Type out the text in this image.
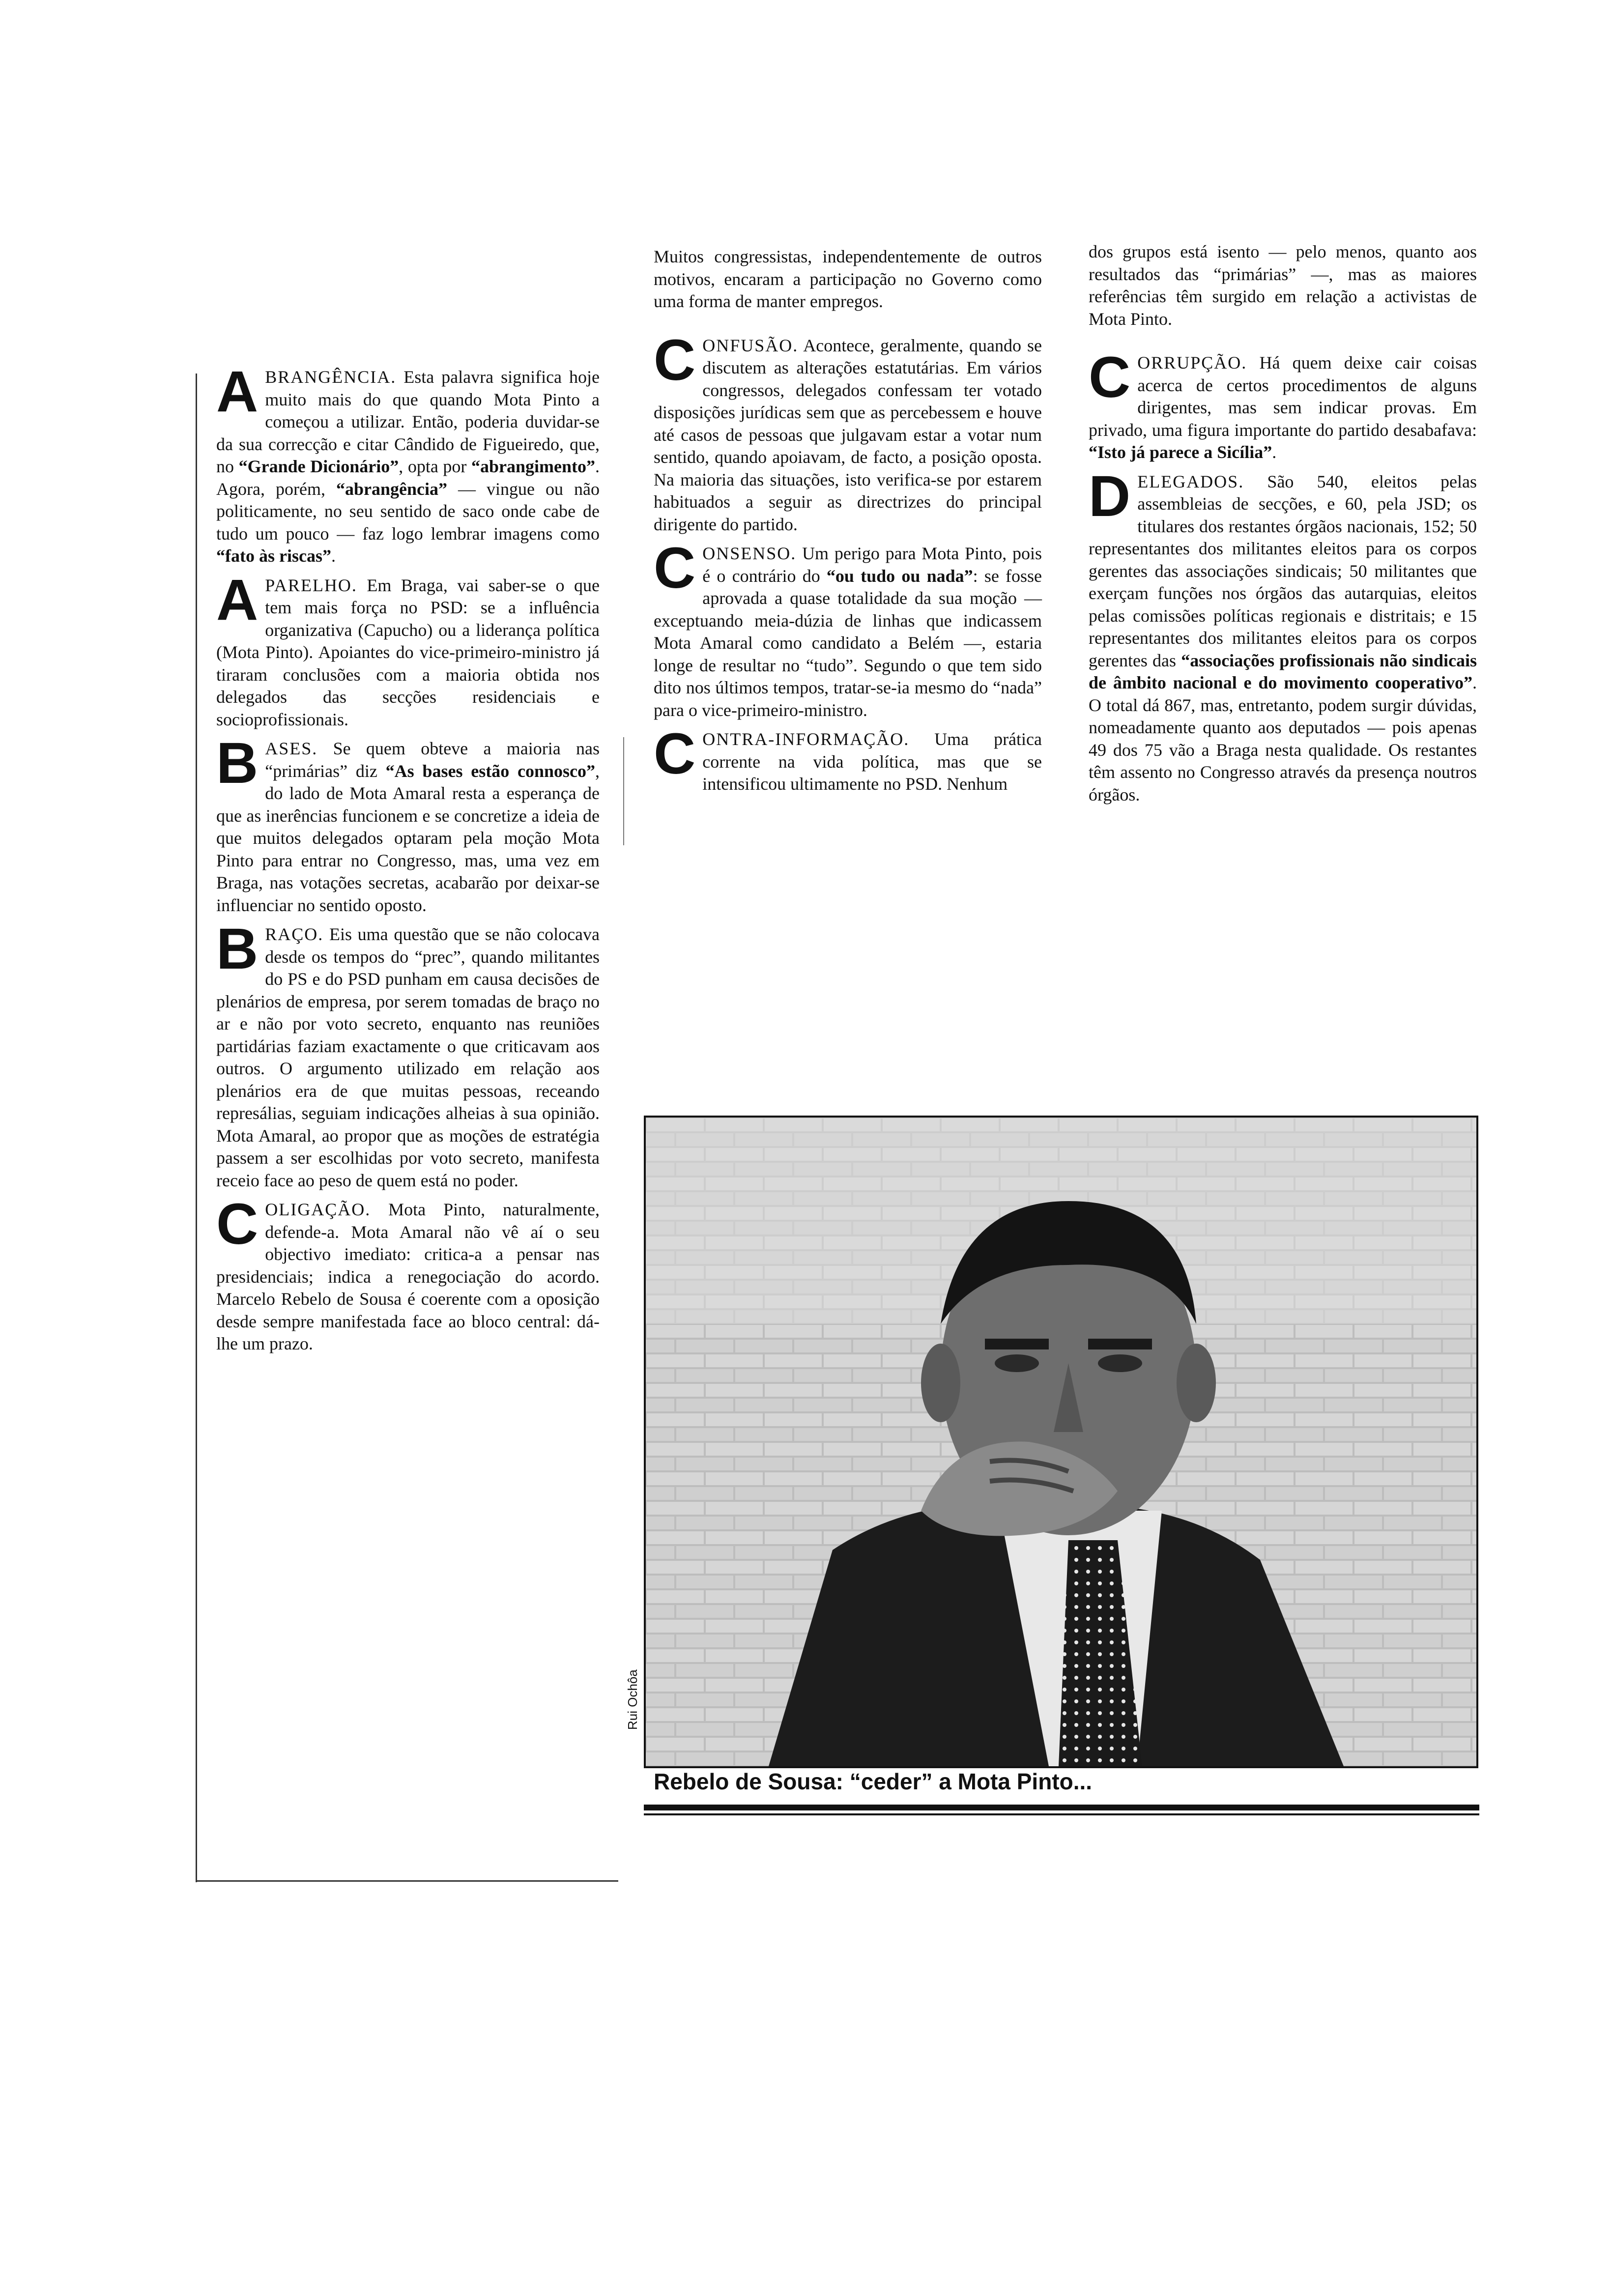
A BRANGÊNCIA. Esta palavra significa hoje muito mais do que quando Mota Pinto a começou a utilizar. Então, poderia duvidar-se da sua correcção e citar Cândido de Figueiredo, que, no “Grande Dicionário”, opta por “abrangimento”. Agora, porém, “abrangência” — vingue ou não politicamente, no seu sentido de saco onde cabe de tudo um pouco — faz logo lembrar imagens como “fato às riscas”.

A PARELHO. Em Braga, vai saber-se o que tem mais força no PSD: se a influência organizativa (Capucho) ou a liderança política (Mota Pinto). Apoiantes do vice-primeiro-ministro já tiraram conclusões com a maioria obtida nos delegados das secções residenciais e socioprofissionais.

B ASES. Se quem obteve a maioria nas “primárias” diz “As bases estão connosco”, do lado de Mota Amaral resta a esperança de que as inerências funcionem e se concretize a ideia de que muitos delegados optaram pela moção Mota Pinto para entrar no Congresso, mas, uma vez em Braga, nas votações secretas, acabarão por deixar-se influenciar no sentido oposto.

B RAÇO. Eis uma questão que se não colocava desde os tempos do “prec”, quando militantes do PS e do PSD punham em causa decisões de plenários de empresa, por serem tomadas de braço no ar e não por voto secreto, enquanto nas reuniões partidárias faziam exactamente o que criticavam aos outros. O argumento utilizado em relação aos plenários era de que muitas pessoas, receando represálias, seguiam indicações alheias à sua opinião. Mota Amaral, ao propor que as moções de estratégia passem a ser escolhidas por voto secreto, manifesta receio face ao peso de quem está no poder.

C OLIGAÇÃO. Mota Pinto, naturalmente, defende-a. Mota Amaral não vê aí o seu objectivo imediato: critica-a a pensar nas presidenciais; indica a renegociação do acordo. Marcelo Rebelo de Sousa é coerente com a oposição desde sempre manifestada face ao bloco central: dá-lhe um prazo.

Muitos congressistas, independentemente de outros motivos, encaram a participação no Governo como uma forma de manter empregos.

C ONFUSÃO. Acontece, geralmente, quando se discutem as alterações estatutárias. Em vários congressos, delegados confessam ter votado disposições jurídicas sem que as percebessem e houve até casos de pessoas que julgavam estar a votar num sentido, quando apoiavam, de facto, a posição oposta. Na maioria das situações, isto verifica-se por estarem habituados a seguir as directrizes do principal dirigente do partido.

C ONSENSO. Um perigo para Mota Pinto, pois é o contrário do “ou tudo ou nada”: se fosse aprovada a quase totalidade da sua moção — exceptuando meia-dúzia de linhas que indicassem Mota Amaral como candidato a Belém —, estaria longe de resultar no “tudo”. Segundo o que tem sido dito nos últimos tempos, tratar-se-ia mesmo do “nada” para o vice-primeiro-ministro.

C ONTRA-INFORMAÇÃO. Uma prática corrente na vida política, mas que se intensificou ultimamente no PSD. Nenhum

dos grupos está isento — pelo menos, quanto aos resultados das “primárias” —, mas as maiores referências têm surgido em relação a activistas de Mota Pinto.

C ORRUPÇÃO. Há quem deixe cair coisas acerca de certos procedimentos de alguns dirigentes, mas sem indicar provas. Em privado, uma figura importante do partido desabafava: “Isto já parece a Sicília”.

D ELEGADOS. São 540, eleitos pelas assembleias de secções, e 60, pela JSD; os titulares dos restantes órgãos nacionais, 152; 50 representantes dos militantes eleitos para os corpos gerentes das associações sindicais; 50 militantes que exerçam funções nos órgãos das autarquias, eleitos pelas comissões políticas regionais e distritais; e 15 representantes dos militantes eleitos para os corpos gerentes das “associações profissionais não sindicais de âmbito nacional e do movimento cooperativo”. O total dá 867, mas, entretanto, podem surgir dúvidas, nomeadamente quanto aos deputados — pois apenas 49 dos 75 vão a Braga nesta qualidade. Os restantes têm assento no Congresso através da presença noutros órgãos.

Rui Ochôa
Rebelo de Sousa: “ceder” a Mota Pinto...
